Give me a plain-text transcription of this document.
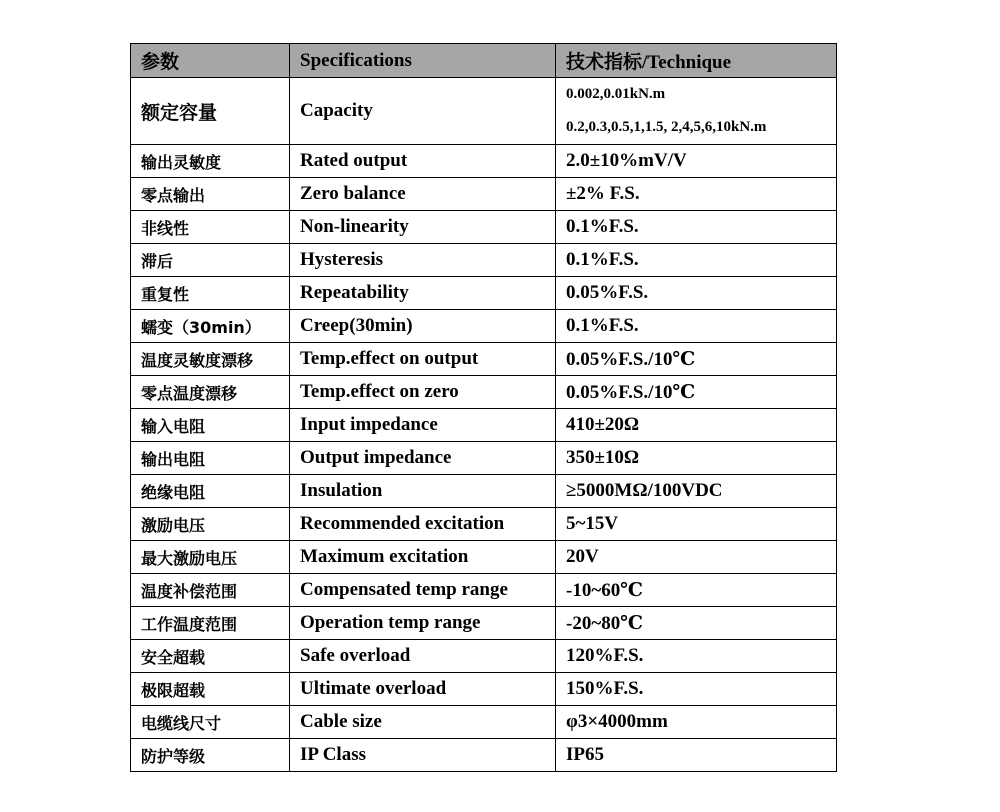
参数	Specifications	技术指标/Technique
额定容量	Capacity	0.002,0.01kN.m
0.2,0.3,0.5,1,1.5, 2,4,5,6,10kN.m

输出灵敏度	Rated output	2.0±10%mV/V
零点输出	Zero balance	±2% F.S.
非线性	Non-linearity	0.1%F.S.
滞后	Hysteresis	0.1%F.S.
重复性	Repeatability	0.05%F.S.
蠕变（30min）	Creep(30min)	0.1%F.S.
温度灵敏度漂移	Temp.effect on output	0.05%F.S./10℃
零点温度漂移	Temp.effect on zero	0.05%F.S./10℃
输入电阻	Input impedance	410±20Ω
输出电阻	Output impedance	350±10Ω
绝缘电阻	Insulation	≥5000MΩ/100VDC
激励电压	Recommended excitation	5~15V
最大激励电压	Maximum excitation	20V
温度补偿范围	Compensated temp range	-10~60℃
工作温度范围	Operation temp range	-20~80℃
安全超载	Safe overload	120%F.S.
极限超载	Ultimate overload	150%F.S.
电缆线尺寸	Cable size	φ3×4000mm
防护等级	IP Class	IP65
